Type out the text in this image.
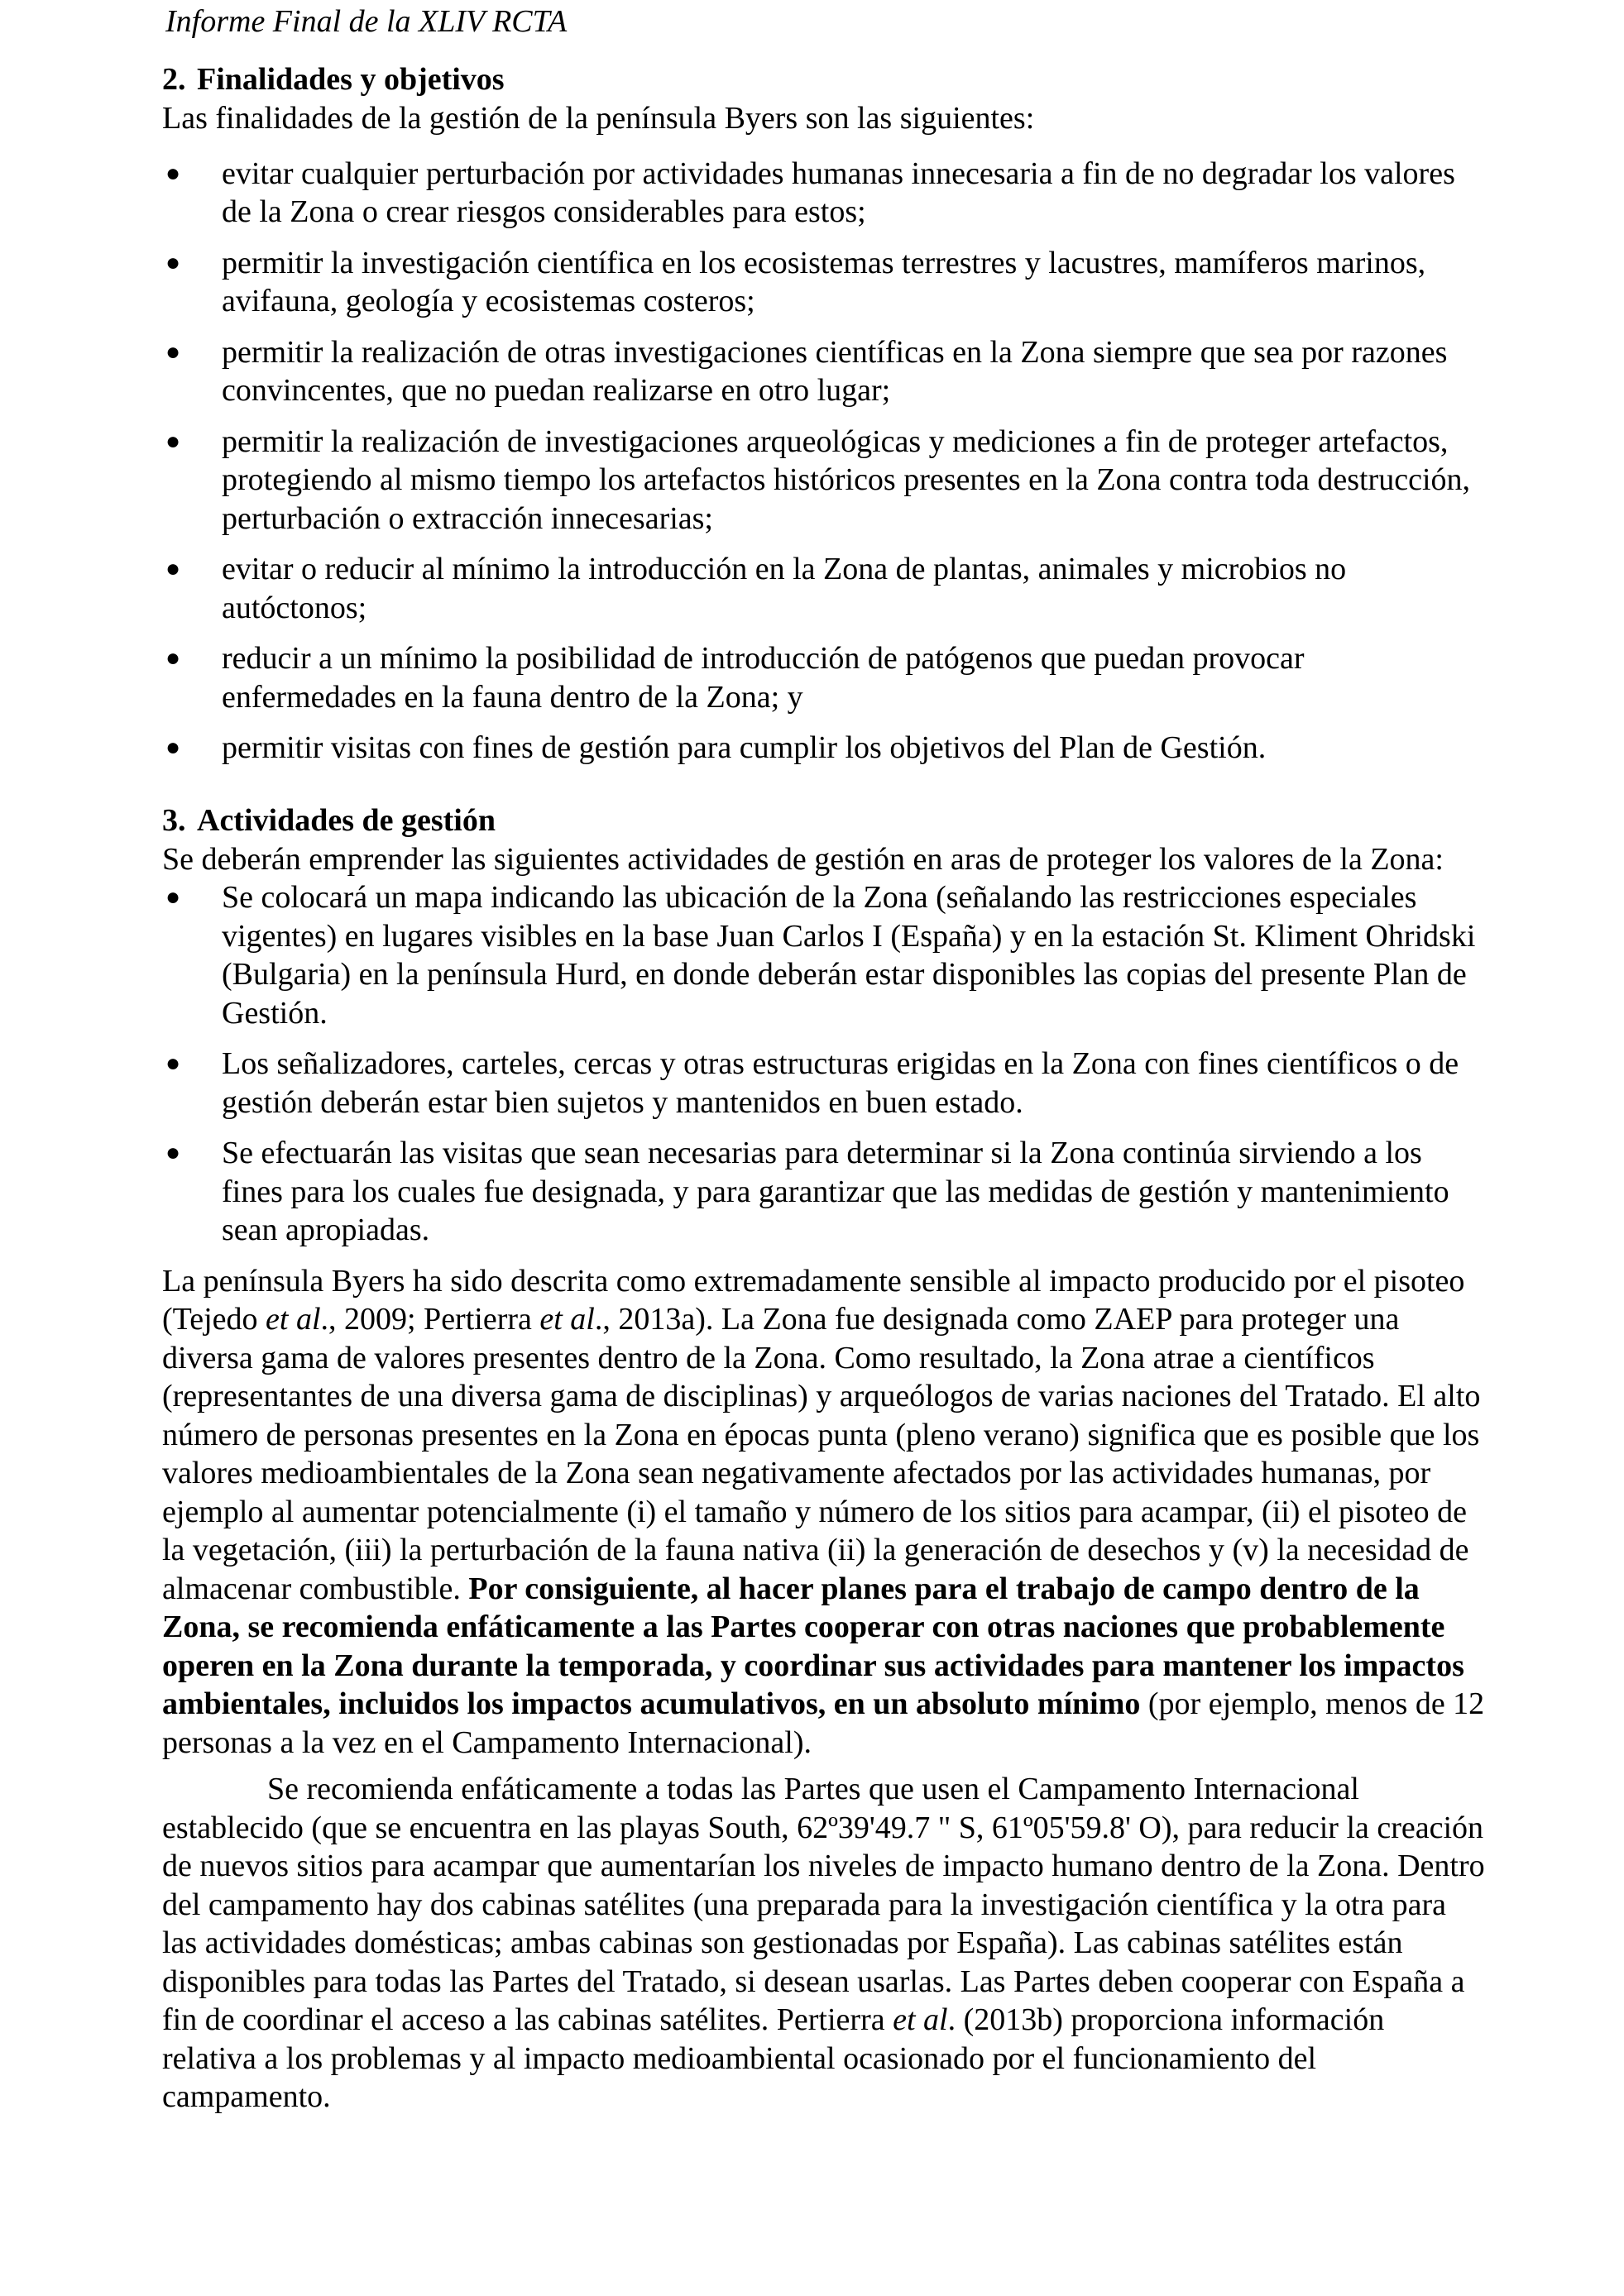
Informe Final de la XLIV RCTA

2. Finalidades y objetivos

Las finalidades de la gestión de la península Byers son las siguientes:

● evitar cualquier perturbación por actividades humanas innecesaria a fin de no degradar los valores de la Zona o crear riesgos considerables para estos;
● permitir la investigación científica en los ecosistemas terrestres y lacustres, mamíferos marinos, avifauna, geología y ecosistemas costeros;
● permitir la realización de otras investigaciones científicas en la Zona siempre que sea por razones convincentes, que no puedan realizarse en otro lugar;
● permitir la realización de investigaciones arqueológicas y mediciones a fin de proteger artefactos, protegiendo al mismo tiempo los artefactos históricos presentes en la Zona contra toda destrucción, perturbación o extracción innecesarias;
● evitar o reducir al mínimo la introducción en la Zona de plantas, animales y microbios no autóctonos;
● reducir a un mínimo la posibilidad de introducción de patógenos que puedan provocar enfermedades en la fauna dentro de la Zona; y
● permitir visitas con fines de gestión para cumplir los objetivos del Plan de Gestión.

3. Actividades de gestión

Se deberán emprender las siguientes actividades de gestión en aras de proteger los valores de la Zona:

● Se colocará un mapa indicando las ubicación de la Zona (señalando las restricciones especiales vigentes) en lugares visibles en la base Juan Carlos I (España) y en la estación St. Kliment Ohridski (Bulgaria) en la península Hurd, en donde deberán estar disponibles las copias del presente Plan de Gestión.
● Los señalizadores, carteles, cercas y otras estructuras erigidas en la Zona con fines científicos o de gestión deberán estar bien sujetos y mantenidos en buen estado.
● Se efectuarán las visitas que sean necesarias para determinar si la Zona continúa sirviendo a los fines para los cuales fue designada, y para garantizar que las medidas de gestión y mantenimiento sean apropiadas.

La península Byers ha sido descrita como extremadamente sensible al impacto producido por el pisoteo (Tejedo et al., 2009; Pertierra et al., 2013a). La Zona fue designada como ZAEP para proteger una diversa gama de valores presentes dentro de la Zona. Como resultado, la Zona atrae a científicos (representantes de una diversa gama de disciplinas) y arqueólogos de varias naciones del Tratado. El alto número de personas presentes en la Zona en épocas punta (pleno verano) significa que es posible que los valores medioambientales de la Zona sean negativamente afectados por las actividades humanas, por ejemplo al aumentar potencialmente (i) el tamaño y número de los sitios para acampar, (ii) el pisoteo de la vegetación, (iii) la perturbación de la fauna nativa (ii) la generación de desechos y (v) la necesidad de almacenar combustible. Por consiguiente, al hacer planes para el trabajo de campo dentro de la Zona, se recomienda enfáticamente a las Partes cooperar con otras naciones que probablemente operen en la Zona durante la temporada, y coordinar sus actividades para mantener los impactos ambientales, incluidos los impactos acumulativos, en un absoluto mínimo (por ejemplo, menos de 12 personas a la vez en el Campamento Internacional).

Se recomienda enfáticamente a todas las Partes que usen el Campamento Internacional establecido (que se encuentra en las playas South, 62º39'49.7 " S, 61º05'59.8' O), para reducir la creación de nuevos sitios para acampar que aumentarían los niveles de impacto humano dentro de la Zona. Dentro del campamento hay dos cabinas satélites (una preparada para la investigación científica y la otra para las actividades domésticas; ambas cabinas son gestionadas por España). Las cabinas satélites están disponibles para todas las Partes del Tratado, si desean usarlas. Las Partes deben cooperar con España a fin de coordinar el acceso a las cabinas satélites. Pertierra et al. (2013b) proporciona información relativa a los problemas y al impacto medioambiental ocasionado por el funcionamiento del campamento.
